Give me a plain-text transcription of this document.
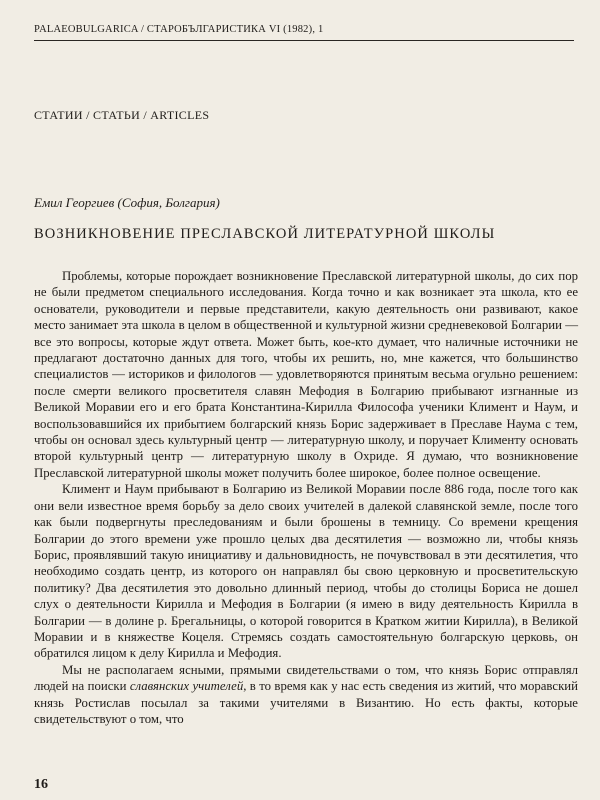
PALAEOBULGARICA / СТАРОБЪЛГАРИСТИКА VI (1982), 1
СТАТИИ / СТАТЬИ / ARTICLES
Емил Георгиев (София, Болгария)
ВОЗНИКНОВЕНИЕ ПРЕСЛАВСКОЙ ЛИТЕРАТУРНОЙ ШКОЛЫ

Проблемы, которые порождает возникновение Преславской литературной школы, до сих пор не были предметом специального исследования. Когда точно и как возникает эта школа, кто ее основатели, руководители и первые представители, какую деятельность они развивают, какое место занимает эта школа в целом в общественной и культурной жизни средневековой Болгарии — все это вопросы, которые ждут ответа. Может быть, кое-кто думает, что наличные источники не предлагают достаточно данных для того, чтобы их решить, но, мне кажется, что большинство специалистов — историков и филологов — удовлетворяются принятым весьма огульно решением: после смерти великого просветителя славян Мефодия в Болгарию прибывают изгнанные из Великой Моравии его и его брата Константина-Кирилла Философа ученики Климент и Наум, и воспользовавшийся их прибытием болгарский князь Борис задерживает в Преславе Наума с тем, чтобы он основал здесь культурный центр — литературную школу, и поручает Клименту основать второй культурный центр — литературную школу в Охриде. Я думаю, что возникновение Преславской литературной школы может получить более широкое, более полное освещение.

Климент и Наум прибывают в Болгарию из Великой Моравии после 886 года, после того как они вели известное время борьбу за дело своих учителей в далекой славянской земле, после того как были подвергнуты преследованиям и были брошены в темницу. Со времени крещения Болгарии до этого времени уже прошло целых два десятилетия — возможно ли, чтобы князь Борис, проявлявший такую инициативу и дальновидность, не почувствовал в эти десятилетия, что необходимо создать центр, из которого он направлял бы свою церковную и просветительскую политику? Два десятилетия это довольно длинный период, чтобы до столицы Бориса не дошел слух о деятельности Кирилла и Мефодия в Болгарии (я имею в виду деятельность Кирилла в Болгарии — в долине р. Брегальницы, о которой говорится в Кратком житии Кирилла), в Великой Моравии и в княжестве Коцеля. Стремясь создать самостоятельную болгарскую церковь, он обратился лицом к делу Кирилла и Мефодия.

Мы не располагаем ясными, прямыми свидетельствами о том, что князь Борис отправлял людей на поиски славянских учителей, в то время как у нас есть сведения из житий, что моравский князь Ростислав посылал за такими учителями в Византию. Но есть факты, которые свидетельствуют о том, что

16
